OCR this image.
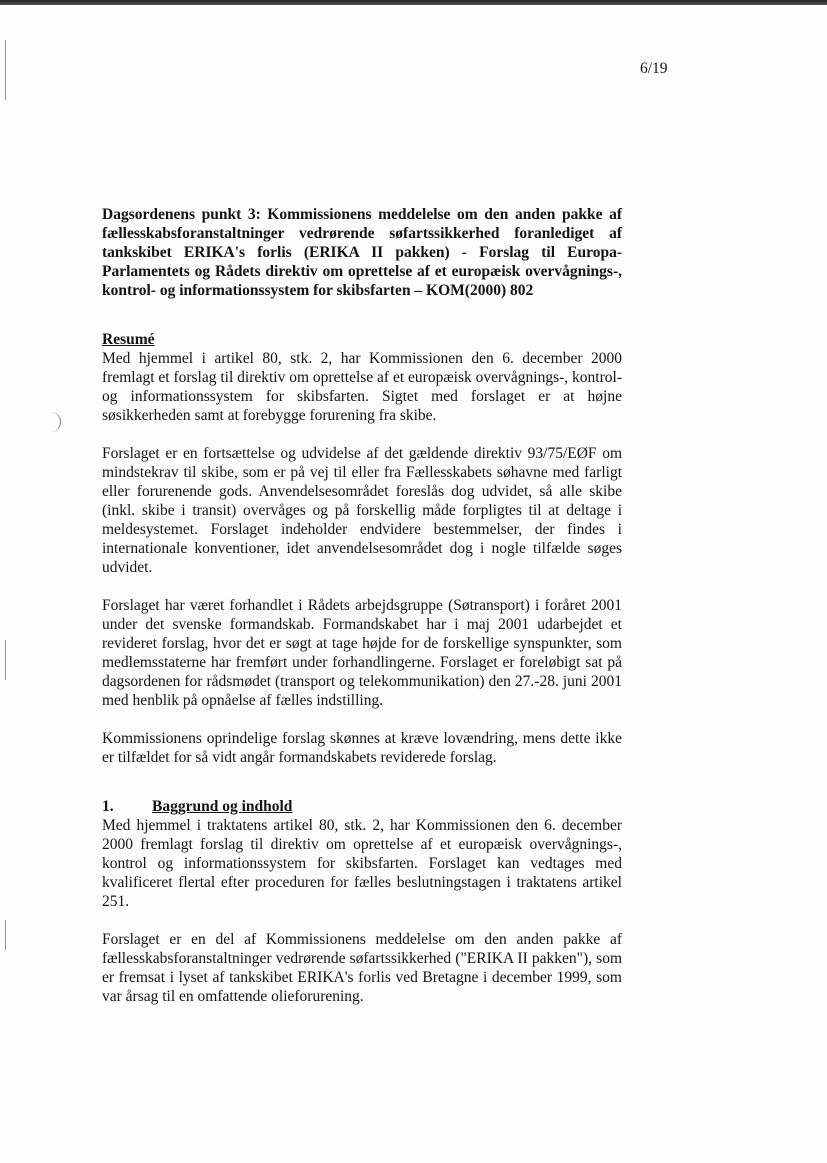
6/19

Dagsordenens punkt 3: Kommissionens meddelelse om den anden pakke af fællesskabsforanstaltninger vedrørende søfartssikkerhed foranlediget af tankskibet ERIKA's forlis (ERIKA II pakken) - Forslag til Europa-Parlamentets og Rådets direktiv om oprettelse af et europæisk overvågnings-, kontrol- og informationssystem for skibsfarten – KOM(2000) 802

Resumé

Med hjemmel i artikel 80, stk. 2, har Kommissionen den 6. december 2000 fremlagt et forslag til direktiv om oprettelse af et europæisk overvågnings-, kontrol- og informationssystem for skibsfarten. Sigtet med forslaget er at højne søsikkerheden samt at forebygge forurening fra skibe.

Forslaget er en fortsættelse og udvidelse af det gældende direktiv 93/75/EØF om mindstekrav til skibe, som er på vej til eller fra Fællesskabets søhavne med farligt eller forurenende gods. Anvendelsesområdet foreslås dog udvidet, så alle skibe (inkl. skibe i transit) overvåges og på forskellig måde forpligtes til at deltage i meldesystemet. Forslaget indeholder endvidere bestemmelser, der findes i internationale konventioner, idet anvendelsesområdet dog i nogle tilfælde søges udvidet.

Forslaget har været forhandlet i Rådets arbejdsgruppe (Søtransport) i foråret 2001 under det svenske formandskab. Formandskabet har i maj 2001 udarbejdet et revideret forslag, hvor det er søgt at tage højde for de forskellige synspunkter, som medlemsstaterne har fremført under forhandlingerne. Forslaget er foreløbigt sat på dagsordenen for rådsmødet (transport og telekommunikation) den 27.-28. juni 2001 med henblik på opnåelse af fælles indstilling.

Kommissionens oprindelige forslag skønnes at kræve lovændring, mens dette ikke er tilfældet for så vidt angår formandskabets reviderede forslag.

1.	Baggrund og indhold

Med hjemmel i traktatens artikel 80, stk. 2, har Kommissionen den 6. december 2000 fremlagt forslag til direktiv om oprettelse af et europæisk overvågnings-, kontrol og informationssystem for skibsfarten. Forslaget kan vedtages med kvalificeret flertal efter proceduren for fælles beslutningstagen i traktatens artikel 251.

Forslaget er en del af Kommissionens meddelelse om den anden pakke af fællesskabsforanstaltninger vedrørende søfartssikkerhed ("ERIKA II pakken"), som er fremsat i lyset af tankskibet ERIKA's forlis ved Bretagne i december 1999, som var årsag til en omfattende olieforurening.
